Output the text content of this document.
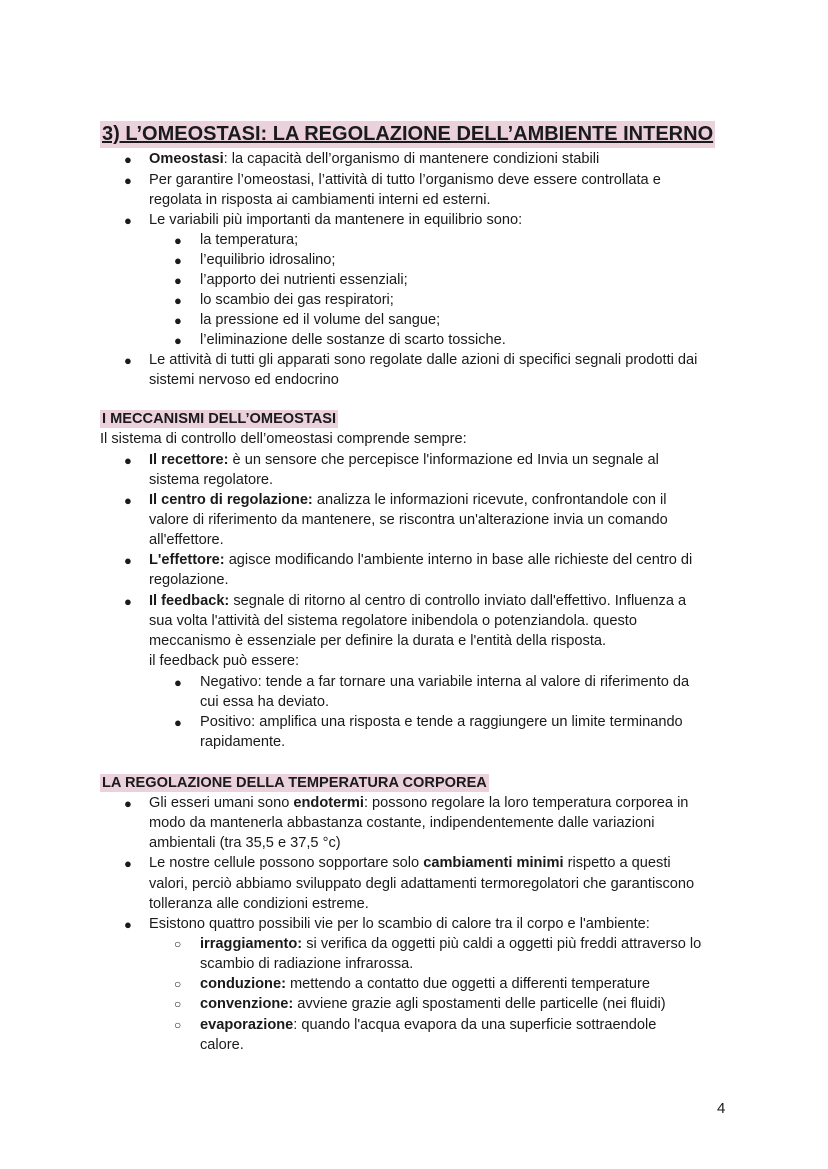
3) L’OMEOSTASI: LA REGOLAZIONE DELL’AMBIENTE INTERNO
● Omeostasi: la capacità dell’organismo di mantenere condizioni stabili
● Per garantire l’omeostasi, l’attività di tutto l’organismo deve essere controllata e
regolata in risposta ai cambiamenti interni ed esterni.
● Le variabili più importanti da mantenere in equilibrio sono:
● la temperatura;
● l’equilibrio idrosalino;
● l’apporto dei nutrienti essenziali;
● lo scambio dei gas respiratori;
● la pressione ed il volume del sangue;
● l’eliminazione delle sostanze di scarto tossiche.
● Le attività di tutti gli apparati sono regolate dalle azioni di specifici segnali prodotti dai
sistemi nervoso ed endocrino
I MECCANISMI DELL’OMEOSTASI
Il sistema di controllo dell’omeostasi comprende sempre:
● Il recettore: è un sensore che percepisce l'informazione ed Invia un segnale al
sistema regolatore.
● Il centro di regolazione: analizza le informazioni ricevute, confrontandole con il
valore di riferimento da mantenere, se riscontra un'alterazione invia un comando
all'effettore.
● L'effettore: agisce modificando l'ambiente interno in base alle richieste del centro di
regolazione.
● Il feedback: segnale di ritorno al centro di controllo inviato dall'effettivo. Influenza a
sua volta l'attività del sistema regolatore inibendola o potenziandola. questo
meccanismo è essenziale per definire la durata e l'entità della risposta.
il feedback può essere:
● Negativo: tende a far tornare una variabile interna al valore di riferimento da
cui essa ha deviato.
● Positivo: amplifica una risposta e tende a raggiungere un limite terminando
rapidamente.
LA REGOLAZIONE DELLA TEMPERATURA CORPOREA
● Gli esseri umani sono endotermi: possono regolare la loro temperatura corporea in
modo da mantenerla abbastanza costante, indipendentemente dalle variazioni
ambientali (tra 35,5 e 37,5 °c)
● Le nostre cellule possono sopportare solo cambiamenti minimi rispetto a questi
valori, perciò abbiamo sviluppato degli adattamenti termoregolatori che garantiscono
tolleranza alle condizioni estreme.
● Esistono quattro possibili vie per lo scambio di calore tra il corpo e l'ambiente:
○ irraggiamento: si verifica da oggetti più caldi a oggetti più freddi attraverso lo
scambio di radiazione infrarossa.
○ conduzione: mettendo a contatto due oggetti a differenti temperature
○ convenzione: avviene grazie agli spostamenti delle particelle (nei fluidi)
○ evaporazione: quando l'acqua evapora da una superficie sottraendole
calore.
4
